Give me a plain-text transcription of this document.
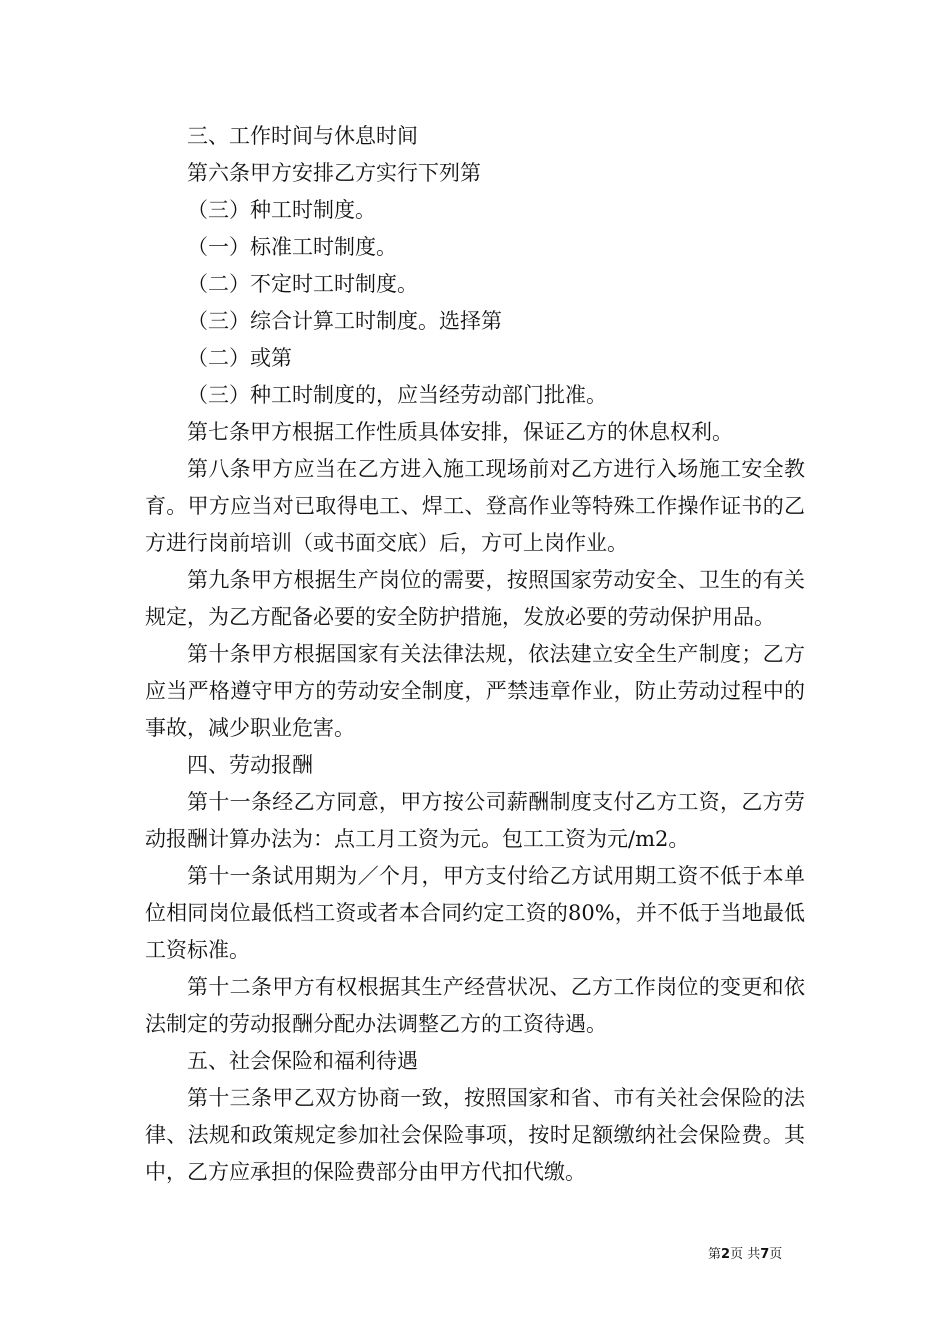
三、工作时间与休息时间

第六条甲方安排乙方实行下列第

（三）种工时制度。

（一）标准工时制度。

（二）不定时工时制度。

（三）综合计算工时制度。选择第

（二）或第

（三）种工时制度的，应当经劳动部门批准。

第七条甲方根据工作性质具体安排，保证乙方的休息权利。

第八条甲方应当在乙方进入施工现场前对乙方进行入场施工安全教育。甲方应当对已取得电工、焊工、登高作业等特殊工作操作证书的乙方进行岗前培训（或书面交底）后，方可上岗作业。

第九条甲方根据生产岗位的需要，按照国家劳动安全、卫生的有关规定，为乙方配备必要的安全防护措施，发放必要的劳动保护用品。

第十条甲方根据国家有关法律法规，依法建立安全生产制度；乙方应当严格遵守甲方的劳动安全制度，严禁违章作业，防止劳动过程中的事故，减少职业危害。

四、劳动报酬

第十一条经乙方同意，甲方按公司薪酬制度支付乙方工资，乙方劳动报酬计算办法为：点工月工资为元。包工工资为元/m2。

第十一条试用期为／个月，甲方支付给乙方试用期工资不低于本单位相同岗位最低档工资或者本合同约定工资的80%，并不低于当地最低工资标准。

第十二条甲方有权根据其生产经营状况、乙方工作岗位的变更和依法制定的劳动报酬分配办法调整乙方的工资待遇。

五、社会保险和福利待遇

第十三条甲乙双方协商一致，按照国家和省、市有关社会保险的法律、法规和政策规定参加社会保险事项，按时足额缴纳社会保险费。其中，乙方应承担的保险费部分由甲方代扣代缴。

第2页 共7页
